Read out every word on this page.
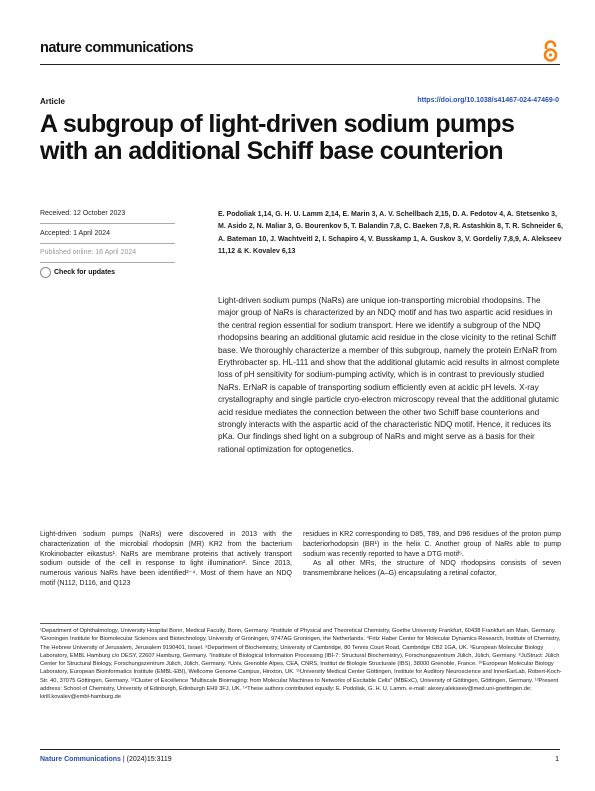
nature communications
Article	https://doi.org/10.1038/s41467-024-47469-0
A subgroup of light-driven sodium pumps with an additional Schiff base counterion
Received: 12 October 2023
Accepted: 1 April 2024
Published online: 16 April 2024
Check for updates
E. Podoliak 1,14, G. H. U. Lamm 2,14, E. Marin 3, A. V. Schellbach 2,15, D. A. Fedotov 4, A. Stetsenko 3, M. Asido 2, N. Maliar 3, G. Bourenkov 5, T. Balandin 7,8, C. Baeken 7,8, R. Astashkin 8, T. R. Schneider 6, A. Bateman 10, J. Wachtveitl 2, I. Schapiro 4, V. Busskamp 1, A. Guskov 3, V. Gordeliy 7,8,9, A. Alekseev 11,12 & K. Kovalev 6,13
Light-driven sodium pumps (NaRs) are unique ion-transporting microbial rhodopsins. The major group of NaRs is characterized by an NDQ motif and has two aspartic acid residues in the central region essential for sodium transport. Here we identify a subgroup of the NDQ rhodopsins bearing an additional glutamic acid residue in the close vicinity to the retinal Schiff base. We thoroughly characterize a member of this subgroup, namely the protein ErNaR from Erythrobacter sp. HL-111 and show that the additional glutamic acid results in almost complete loss of pH sensitivity for sodium-pumping activity, which is in contrast to previously studied NaRs. ErNaR is capable of transporting sodium efficiently even at acidic pH levels. X-ray crystallography and single particle cryo-electron microscopy reveal that the additional glutamic acid residue mediates the connection between the other two Schiff base counterions and strongly interacts with the aspartic acid of the characteristic NDQ motif. Hence, it reduces its pKa. Our findings shed light on a subgroup of NaRs and might serve as a basis for their rational optimization for optogenetics.
Light-driven sodium pumps (NaRs) were discovered in 2013 with the characterization of the microbial rhodopsin (MR) KR2 from the bacterium Krokinobacter eikastus¹. NaRs are membrane proteins that actively transport sodium outside of the cell in response to light illumination². Since 2013, numerous various NaRs have been identified²⁻⁴. Most of them have an NDQ motif (N112, D116, and Q123

residues in KR2 corresponding to D85, T89, and D96 residues of the proton pump bacteriorhodopsin (BR¹) in the helix C. Another group of NaRs able to pump sodium was recently reported to have a DTG motif⁵.

As all other MRs, the structure of NDQ rhodopsins consists of seven transmembrane helices (A–G) encapsulating a retinal cofactor,

¹Department of Ophthalmology, University Hospital Bonn, Medical Faculty, Bonn, Germany. ²Institute of Physical and Theoretical Chemistry, Goethe University Frankfurt, 60438 Frankfurt am Main, Germany. ³Groningen Institute for Biomolecular Sciences and Biotechnology, University of Groningen, 9747AG Groningen, the Netherlands. ⁴Fritz Haber Center for Molecular Dynamics Research, Institute of Chemistry, The Hebrew University of Jerusalem, Jerusalem 9190401, Israel. ⁵Department of Biochemistry, University of Cambridge, 80 Tennis Court Road, Cambridge CB2 1GA, UK. ⁶European Molecular Biology Laboratory, EMBL Hamburg c/o DESY, 22607 Hamburg, Germany. ⁷Institute of Biological Information Processing (IBI-7: Structural Biochemistry), Forschungszentrum Jülich, Jülich, Germany. ⁸JuStruct: Jülich Center for Structural Biology, Forschungszentrum Jülich, Jülich, Germany. ⁹Univ. Grenoble Alpes, CEA, CNRS, Institut de Biologie Structurale (IBS), 38000 Grenoble, France. ¹⁰European Molecular Biology Laboratory, European Bioinformatics Institute (EMBL-EBI), Wellcome Genome Campus, Hinxton, UK. ¹¹University Medical Center Göttingen, Institute for Auditory Neuroscience and InnerEarLab, Robert-Koch-Str. 40, 37075 Göttingen, Germany. ¹²Cluster of Excellence "Multiscale Bioimaging: from Molecular Machines to Networks of Excitable Cells" (MBExC), University of Göttingen, Göttingen, Germany. ¹³Present address: School of Chemistry, University of Edinburgh, Edinburgh EH9 3FJ, UK. ¹⁴These authors contributed equally: E. Podoliak, G. H. U. Lamm. e-mail: alexey.alekseev@med.uni-goettingen.de; kirill.kovalev@embl-hamburg.de
Nature Communications | (2024)15:3119	1
